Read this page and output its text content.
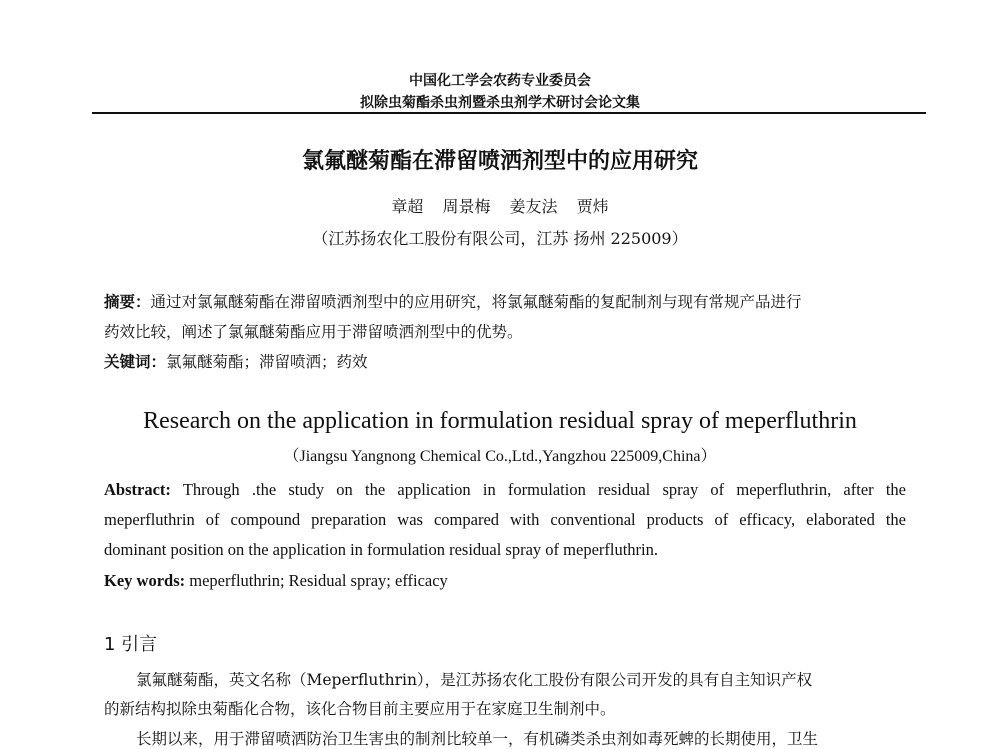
中国化工学会农药专业委员会
拟除虫菊酯杀虫剂暨杀虫剂学术研讨会论文集
氯氟醚菊酯在滞留喷洒剂型中的应用研究
章超 周景梅 姜友法 贾炜
（江苏扬农化工股份有限公司，江苏 扬州 225009）
摘要：通过对氯氟醚菊酯在滞留喷洒剂型中的应用研究，将氯氟醚菊酯的复配制剂与现有常规产品进行
药效比较，阐述了氯氟醚菊酯应用于滞留喷洒剂型中的优势。
关键词：氯氟醚菊酯；滞留喷洒；药效
Research on the application in formulation residual spray of meperfluthrin
（Jiangsu Yangnong Chemical Co.,Ltd.,Yangzhou 225009,China）
Abstract: Through .the study on the application in formulation residual spray of meperfluthrin, after the
meperfluthrin of compound preparation was compared with conventional products of efficacy, elaborated the
dominant position on the application in formulation residual spray of meperfluthrin.
Key words: meperfluthrin; Residual spray; efficacy
1 引言
氯氟醚菊酯，英文名称（Meperfluthrin），是江苏扬农化工股份有限公司开发的具有自主知识产权
的新结构拟除虫菊酯化合物，该化合物目前主要应用于在家庭卫生制剂中。
长期以来，用于滞留喷洒防治卫生害虫的制剂比较单一，有机磷类杀虫剂如毒死蜱的长期使用，卫生
